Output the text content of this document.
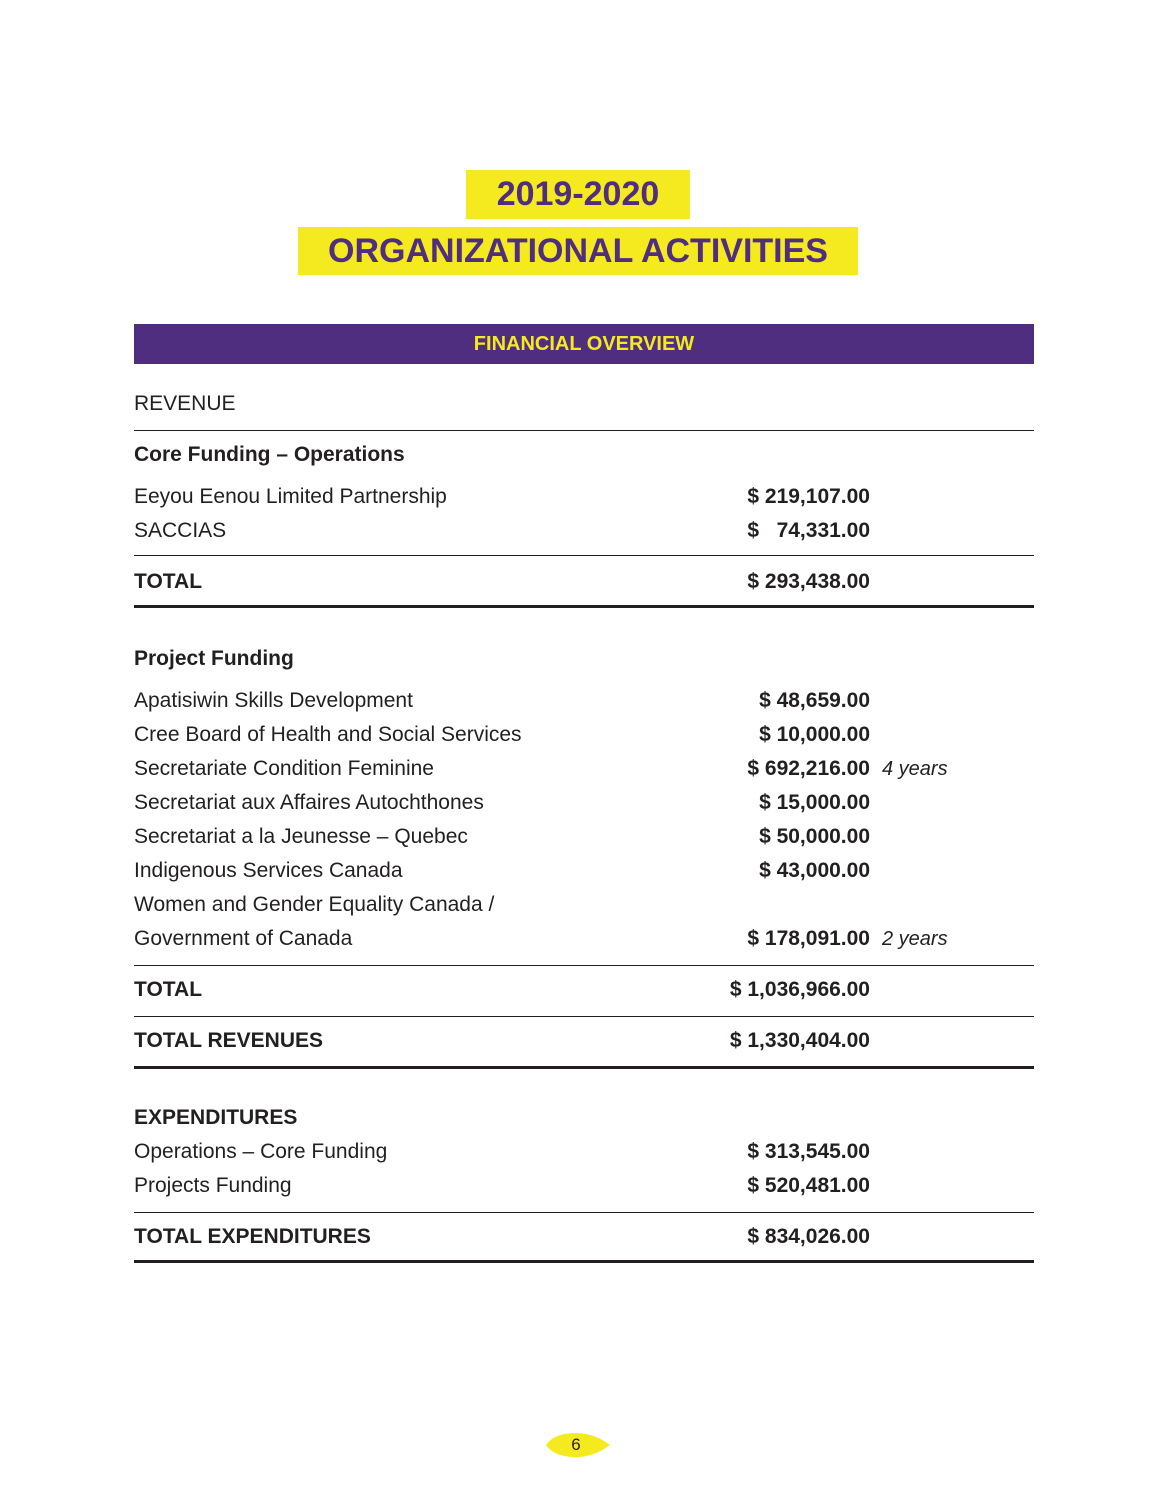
2019-2020
ORGANIZATIONAL ACTIVITIES
FINANCIAL OVERVIEW
REVENUE
Core Funding – Operations
Eeyou Eenou Limited Partnership	$ 219,107.00
SACCIAS	$   74,331.00
TOTAL	$ 293,438.00
Project Funding
Apatisiwin Skills Development	$ 48,659.00
Cree Board of Health and Social Services	$ 10,000.00
Secretariate Condition Feminine	$ 692,216.00 4 years
Secretariat aux Affaires Autochthones	$ 15,000.00
Secretariat a la Jeunesse – Quebec	$ 50,000.00
Indigenous Services Canada	$ 43,000.00
Women and Gender Equality Canada /
Government of Canada	$ 178,091.00 2 years
TOTAL	$ 1,036,966.00
TOTAL REVENUES	$ 1,330,404.00
EXPENDITURES
Operations – Core Funding	$ 313,545.00
Projects Funding	$ 520,481.00
TOTAL EXPENDITURES	$ 834,026.00
6
